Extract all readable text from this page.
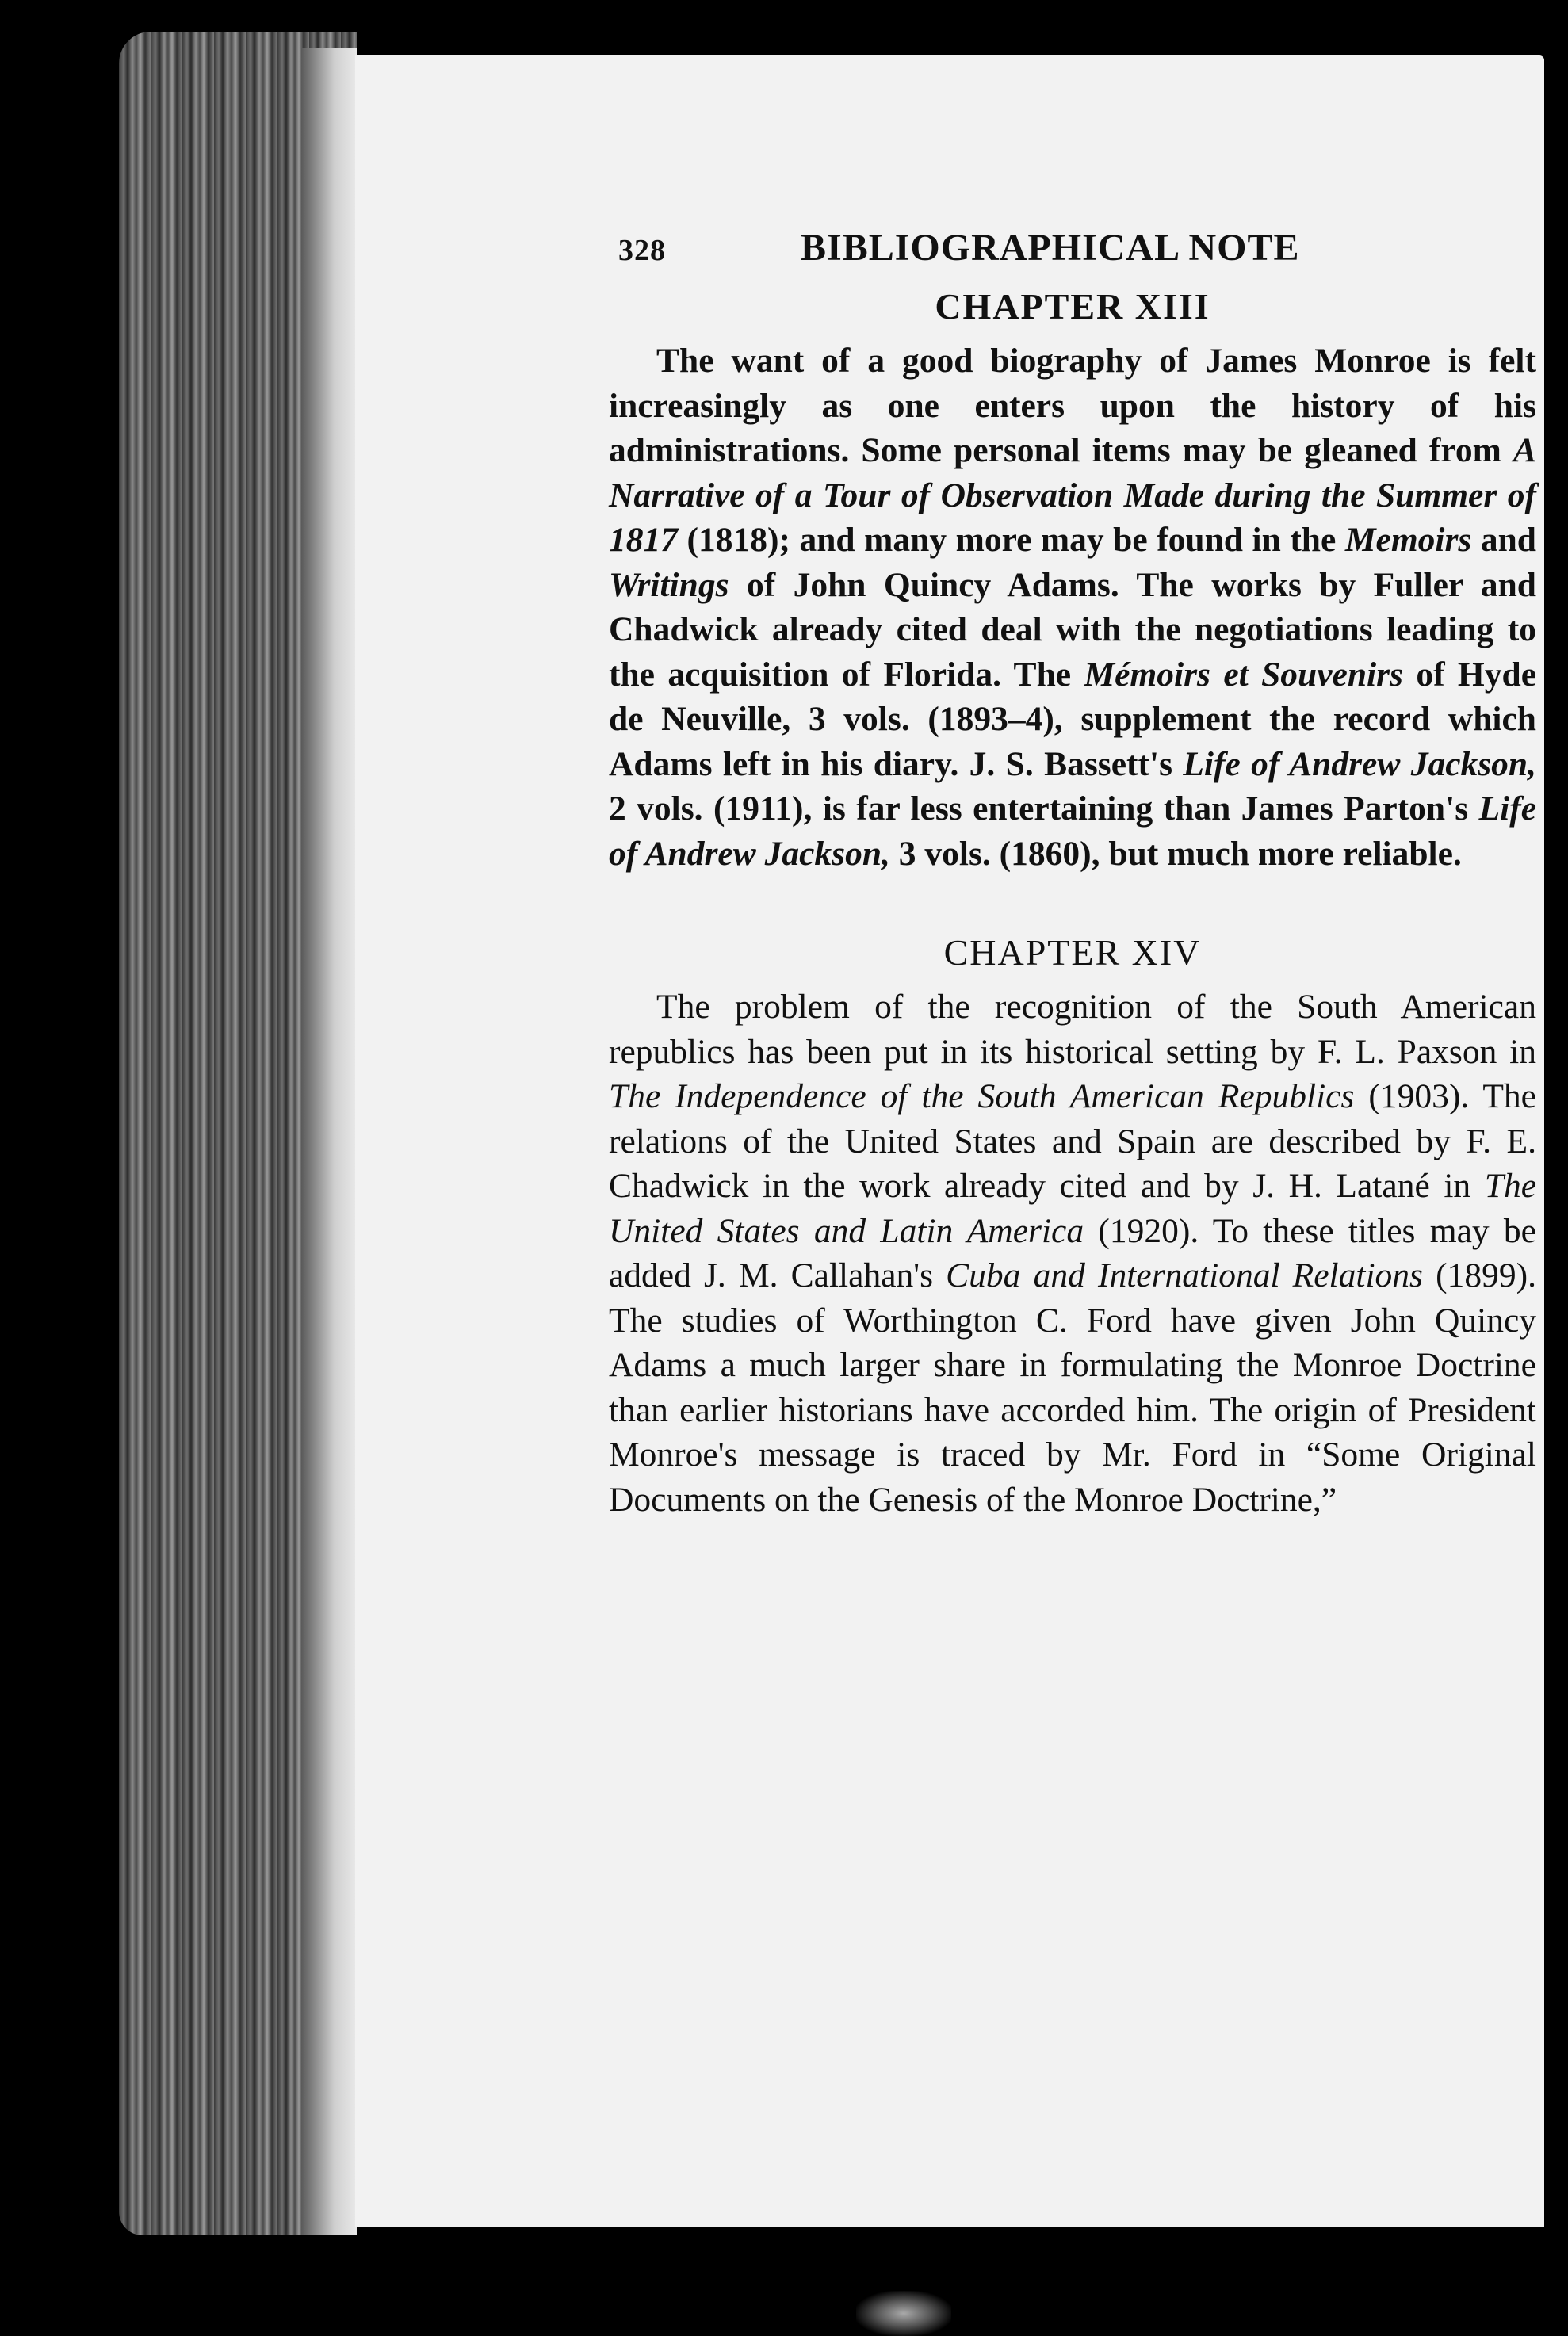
328	BIBLIOGRAPHICAL NOTE
CHAPTER XIII

The want of a good biography of James Monroe is felt increasingly as one enters upon the history of his administrations. Some personal items may be gleaned from A Narrative of a Tour of Observation Made during the Summer of 1817 (1818); and many more may be found in the Memoirs and Writings of John Quincy Adams. The works by Fuller and Chadwick already cited deal with the negotiations leading to the acquisition of Florida. The Mémoirs et Souvenirs of Hyde de Neuville, 3 vols. (1893–4), supplement the record which Adams left in his diary. J. S. Bassett's Life of Andrew Jackson, 2 vols. (1911), is far less entertaining than James Parton's Life of Andrew Jackson, 3 vols. (1860), but much more reliable.

CHAPTER XIV

The problem of the recognition of the South American republics has been put in its historical setting by F. L. Paxson in The Independence of the South American Republics (1903). The relations of the United States and Spain are described by F. E. Chadwick in the work already cited and by J. H. Latané in The United States and Latin America (1920). To these titles may be added J. M. Callahan's Cuba and International Relations (1899). The studies of Worthington C. Ford have given John Quincy Adams a much larger share in formulating the Monroe Doctrine than earlier historians have accorded him. The origin of President Monroe's message is traced by Mr. Ford in “Some Original Documents on the Genesis of the Monroe Doctrine,”
